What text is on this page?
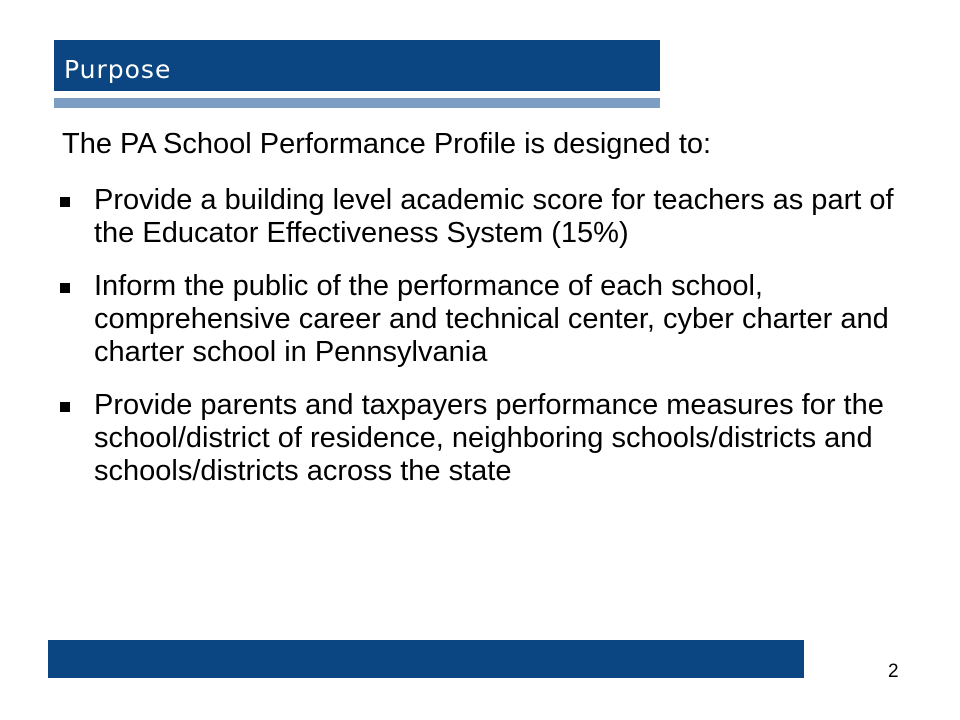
Purpose
The PA School Performance Profile is designed to:
Provide a building level academic score for teachers as part of the Educator Effectiveness System (15%)
Inform the public of the performance of each school, comprehensive career and technical center, cyber charter and charter school in Pennsylvania
Provide parents and taxpayers performance measures for the school/district of residence, neighboring schools/districts and schools/districts across the state
2
